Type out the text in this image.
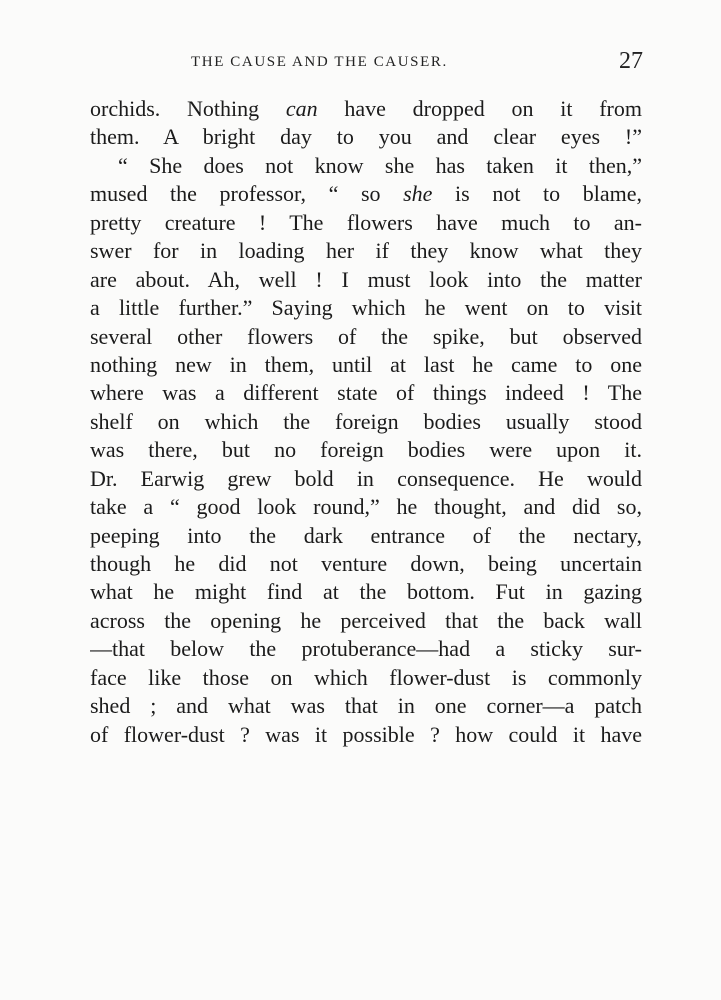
THE CAUSE AND THE CAUSER.	27
orchids. Nothing can have dropped on it from
them. A bright day to you and clear eyes !”
“ She does not know she has taken it then,”
mused the professor, “ so she is not to blame,
pretty creature ! The flowers have much to an-
swer for in loading her if they know what they
are about. Ah, well ! I must look into the matter
a little further.” Saying which he went on to visit
several other flowers of the spike, but observed
nothing new in them, until at last he came to one
where was a different state of things indeed ! The
shelf on which the foreign bodies usually stood
was there, but no foreign bodies were upon it.
Dr. Earwig grew bold in consequence. He would
take a “ good look round,” he thought, and did so,
peeping into the dark entrance of the nectary,
though he did not venture down, being uncertain
what he might find at the bottom. Fut in gazing
across the opening he perceived that the back wall
—that below the protuberance—had a sticky sur-
face like those on which flower-dust is commonly
shed ; and what was that in one corner—a patch
of flower-dust ? was it possible ? how could it have
